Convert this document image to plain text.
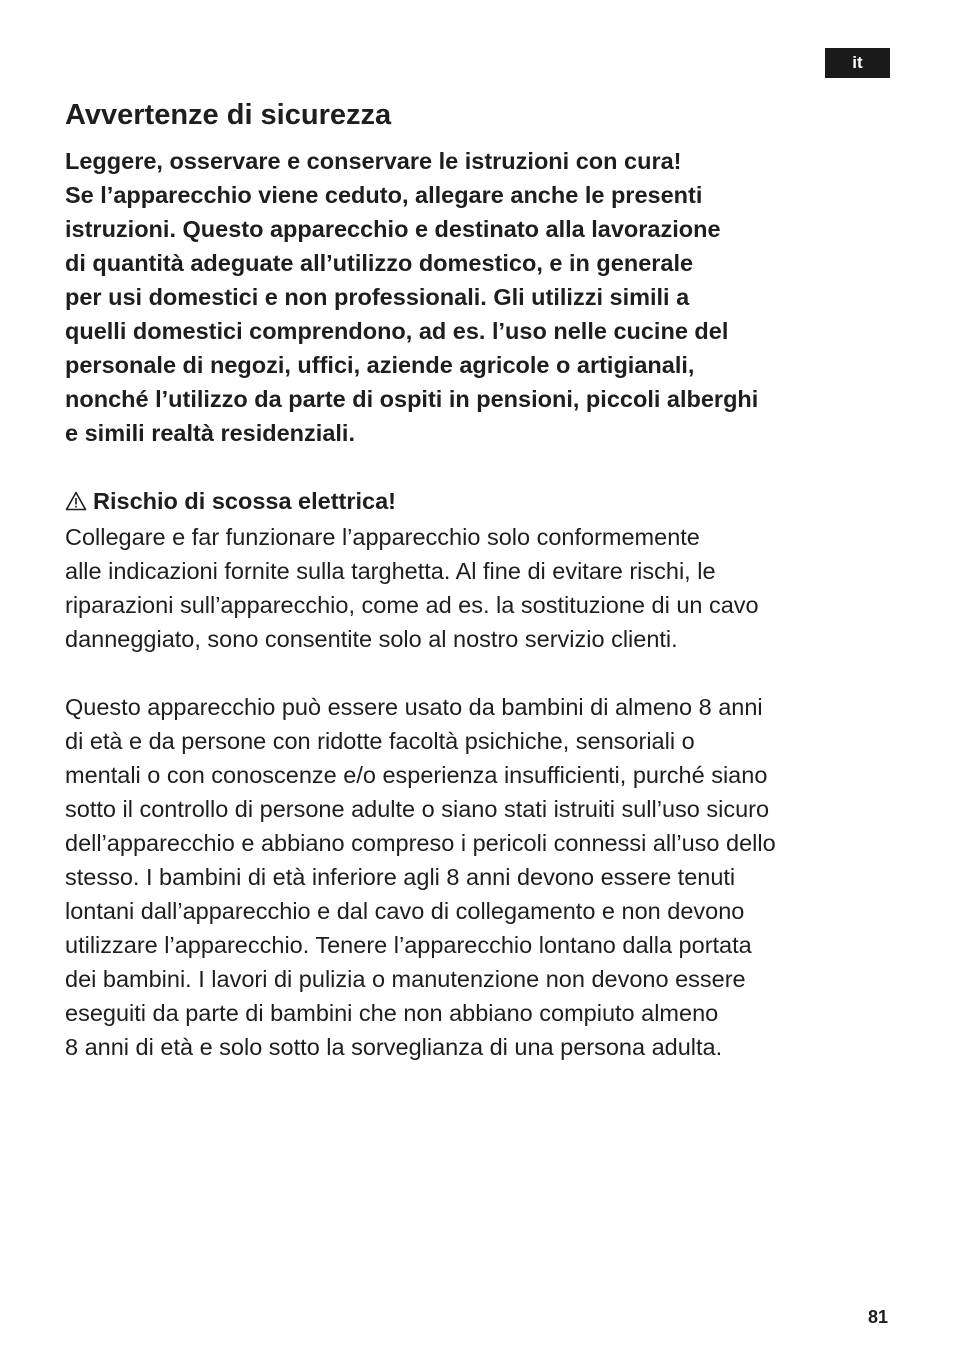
it
Avvertenze di sicurezza

Leggere, osservare e conservare le istruzioni con cura!
Se l’apparecchio viene ceduto, allegare anche le presenti
istruzioni. Questo apparecchio e destinato alla lavorazione
di quantità adeguate all’utilizzo domestico, e in generale
per usi domestici e non professionali. Gli utilizzi simili a
quelli domestici comprendono, ad es. l’uso nelle cucine del
personale di negozi, uffici, aziende agricole o artigianali,
nonché l’utilizzo da parte di ospiti in pensioni, piccoli alberghi
e simili realtà residenziali.

Rischio di scossa elettrica!

Collegare e far funzionare l’apparecchio solo conformemente
alle indicazioni fornite sulla targhetta. Al fine di evitare rischi, le
riparazioni sull’apparecchio, come ad es. la sostituzione di un cavo
danneggiato, sono consentite solo al nostro servizio clienti.

Questo apparecchio può essere usato da bambini di almeno 8 anni
di età e da persone con ridotte facoltà psichiche, sensoriali o
mentali o con conoscenze e/o esperienza insufficienti, purché siano
sotto il controllo di persone adulte o siano stati istruiti sull’uso sicuro
dell’apparecchio e abbiano compreso i pericoli connessi all’uso dello
stesso. I bambini di età inferiore agli 8 anni devono essere tenuti
lontani dall’apparecchio e dal cavo di collegamento e non devono
utilizzare l’apparecchio. Tenere l’apparecchio lontano dalla portata
dei bambini. I lavori di pulizia o manutenzione non devono essere
eseguiti da parte di bambini che non abbiano compiuto almeno
8 anni di età e solo sotto la sorveglianza di una persona adulta.

81
